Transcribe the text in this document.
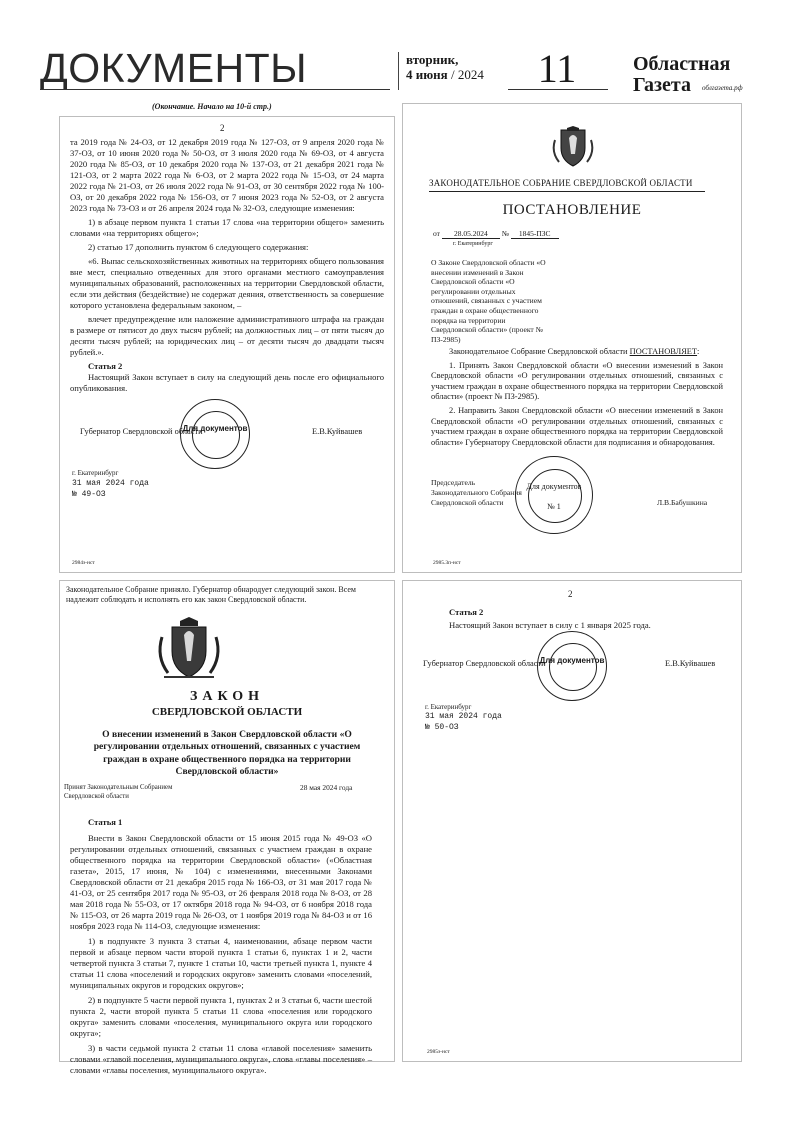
ДОКУМЕНТЫ	вторник,
4 июня / 2024	11	Областная
Газета облгазета.рф
(Окончание. Начало на 10-й стр.)
2

та 2019 года № 24-ОЗ, от 12 декабря 2019 года № 127-ОЗ, от 9 апреля 2020 года № 37-ОЗ, от 10 июня 2020 года № 50-ОЗ, от 3 июля 2020 года № 69-ОЗ, от 4 августа 2020 года № 85-ОЗ, от 10 декабря 2020 года № 137-ОЗ, от 21 декабря 2021 года № 121-ОЗ, от 2 марта 2022 года № 6-ОЗ, от 2 марта 2022 года № 15-ОЗ, от 24 марта 2022 года № 21-ОЗ, от 26 июля 2022 года № 91-ОЗ, от 30 сентября 2022 года № 100-ОЗ, от 20 декабря 2022 года № 156-ОЗ, от 7 июня 2023 года № 52-ОЗ, от 2 августа 2023 года № 73-ОЗ и от 26 апреля 2024 года № 32-ОЗ, следующие изменения:

1) в абзаце первом пункта 1 статьи 17 слова «на территории общего» заменить словами «на территориях общего»;

2) статью 17 дополнить пунктом 6 следующего содержания:

«6. Выпас сельскохозяйственных животных на территориях общего пользования вне мест, специально отведенных для этого органами местного самоуправления муниципальных образований, расположенных на территории Свердловской области, если эти действия (бездействие) не содержат деяния, ответственность за совершение которого установлена федеральным законом, –

влечет предупреждение или наложение административного штрафа на граждан в размере от пятисот до двух тысяч рублей; на должностных лиц – от пяти тысяч до десяти тысяч рублей; на юридических лиц – от десяти тысяч до двадцати тысяч рублей.».

Статья 2

Настоящий Закон вступает в силу на следующий день после его официального опубликования.

Губернатор Свердловской области	Е.В.Куйвашев
Для документов
г. Екатеринбург
31 мая 2024 года
№ 49-ОЗ
2984з-нст
ЗАКОНОДАТЕЛЬНОЕ СОБРАНИЕ СВЕРДЛОВСКОЙ ОБЛАСТИ
ПОСТАНОВЛЕНИЕ
от 28.05.2024 № 1845-ПЗС
г. Екатеринбург
О Законе Свердловской области «О внесении изменений в Закон Свердловской области «О регулировании отдельных отношений, связанных с участием граждан в охране общественного порядка на территории Свердловской области» (проект № ПЗ-2985)

Законодательное Собрание Свердловской области ПОСТАНОВЛЯЕТ:

1. Принять Закон Свердловской области «О внесении изменений в Закон Свердловской области «О регулировании отдельных отношений, связанных с участием граждан в охране общественного порядка на территории Свердловской области» (проект № ПЗ-2985).

2. Направить Закон Свердловской области «О внесении изменений в Закон Свердловской области «О регулировании отдельных отношений, связанных с участием граждан в охране общественного порядка на территории Свердловской области» Губернатору Свердловской области для подписания и обнародования.

Председатель
Законодательного Собрания
Свердловской области	Л.В.Бабушкина
Для документов
№ 1
2985.3п-нст
Законодательное Собрание приняло. Губернатор обнародует следующий закон. Всем надлежит соблюдать и исполнять его как закон Свердловской области.
ЗАКОН
СВЕРДЛОВСКОЙ ОБЛАСТИ
О внесении изменений в Закон Свердловской области «О регулировании отдельных отношений, связанных с участием граждан в охране общественного порядка на территории Свердловской области»
Принят Законодательным Собранием
Свердловской области
28 мая 2024 года

Статья 1

Внести в Закон Свердловской области от 15 июня 2015 года № 49-ОЗ «О регулировании отдельных отношений, связанных с участием граждан в охране общественного порядка на территории Свердловской области» («Областная газета», 2015, 17 июня, № 104) с изменениями, внесенными Законами Свердловской области от 21 декабря 2015 года № 166-ОЗ, от 31 мая 2017 года № 41-ОЗ, от 25 сентября 2017 года № 95-ОЗ, от 26 февраля 2018 года № 8-ОЗ, от 28 мая 2018 года № 55-ОЗ, от 17 октября 2018 года № 94-ОЗ, от 6 ноября 2018 года № 115-ОЗ, от 26 марта 2019 года № 26-ОЗ, от 1 ноября 2019 года № 84-ОЗ и от 16 ноября 2023 года № 114-ОЗ, следующие изменения:

1) в подпункте 3 пункта 3 статьи 4, наименовании, абзаце первом части первой и абзаце первом части второй пункта 1 статьи 6, пунктах 1 и 2, части четвертой пункта 3 статьи 7, пункте 1 статьи 10, части третьей пункта 1, пункте 4 статьи 11 слова «поселений и городских округов» заменить словами «поселений, муниципальных округов и городских округов»;

2) в подпункте 5 части первой пункта 1, пунктах 2 и 3 статьи 6, части шестой пункта 2, части второй пункта 5 статьи 11 слова «поселения или городского округа» заменить словами «поселения, муниципального округа или городского округа»;

3) в части седьмой пункта 2 статьи 11 слова «главой поселения» заменить словами «главой поселения, муниципального округа», слова «главы поселения» – словами «главы поселения, муниципального округа».

2
Статья 2
Настоящий Закон вступает в силу с 1 января 2025 года.
Губернатор Свердловской области	Е.В.Куйвашев
Для документов
г. Екатеринбург
31 мая 2024 года
№ 50-ОЗ
2985з-нст
